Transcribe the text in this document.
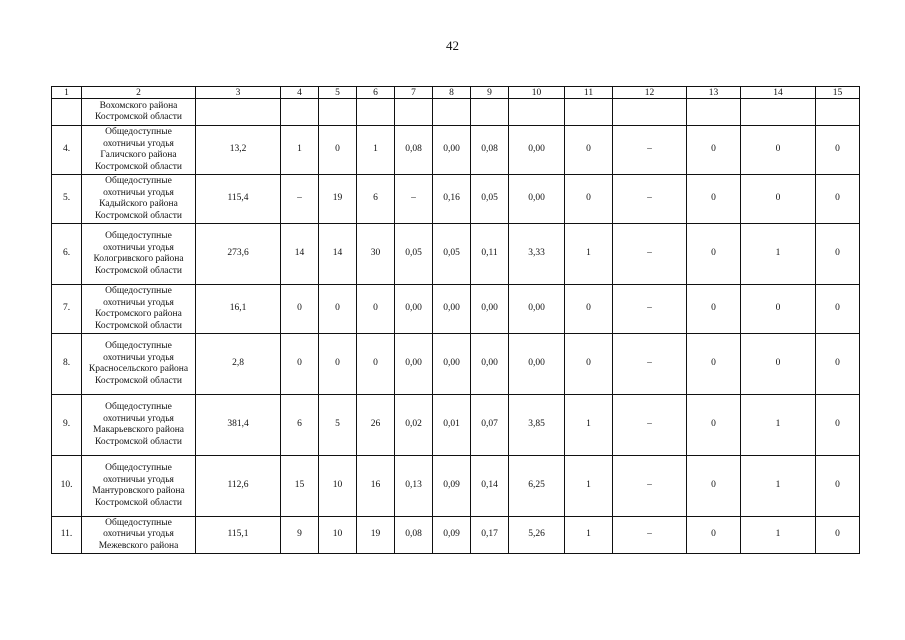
42
1	2	3	4	5	6	7	8	9	10	11	12	13	14	15
	Вохомского района Костромской области													
4.	Общедоступные охотничьи угодья Галичского района Костромской области	13,2	1	0	1	0,08	0,00	0,08	0,00	0	–	0	0	0
5.	Общедоступные охотничьи угодья Кадыйского района Костромской области	115,4	–	19	6	–	0,16	0,05	0,00	0	–	0	0	0
6.	Общедоступные охотничьи угодья Кологривского района Костромской области	273,6	14	14	30	0,05	0,05	0,11	3,33	1	–	0	1	0
7.	Общедоступные охотничьи угодья Костромского района Костромской области	16,1	0	0	0	0,00	0,00	0,00	0,00	0	–	0	0	0
8.	Общедоступные охотничьи угодья Красносельского района Костромской области	2,8	0	0	0	0,00	0,00	0,00	0,00	0	–	0	0	0
9.	Общедоступные охотничьи угодья Макарьевского района Костромской области	381,4	6	5	26	0,02	0,01	0,07	3,85	1	–	0	1	0
10.	Общедоступные охотничьи угодья Мантуровского района Костромской области	112,6	15	10	16	0,13	0,09	0,14	6,25	1	–	0	1	0
11.	Общедоступные охотничьи угодья Межевского района	115,1	9	10	19	0,08	0,09	0,17	5,26	1	–	0	1	0
